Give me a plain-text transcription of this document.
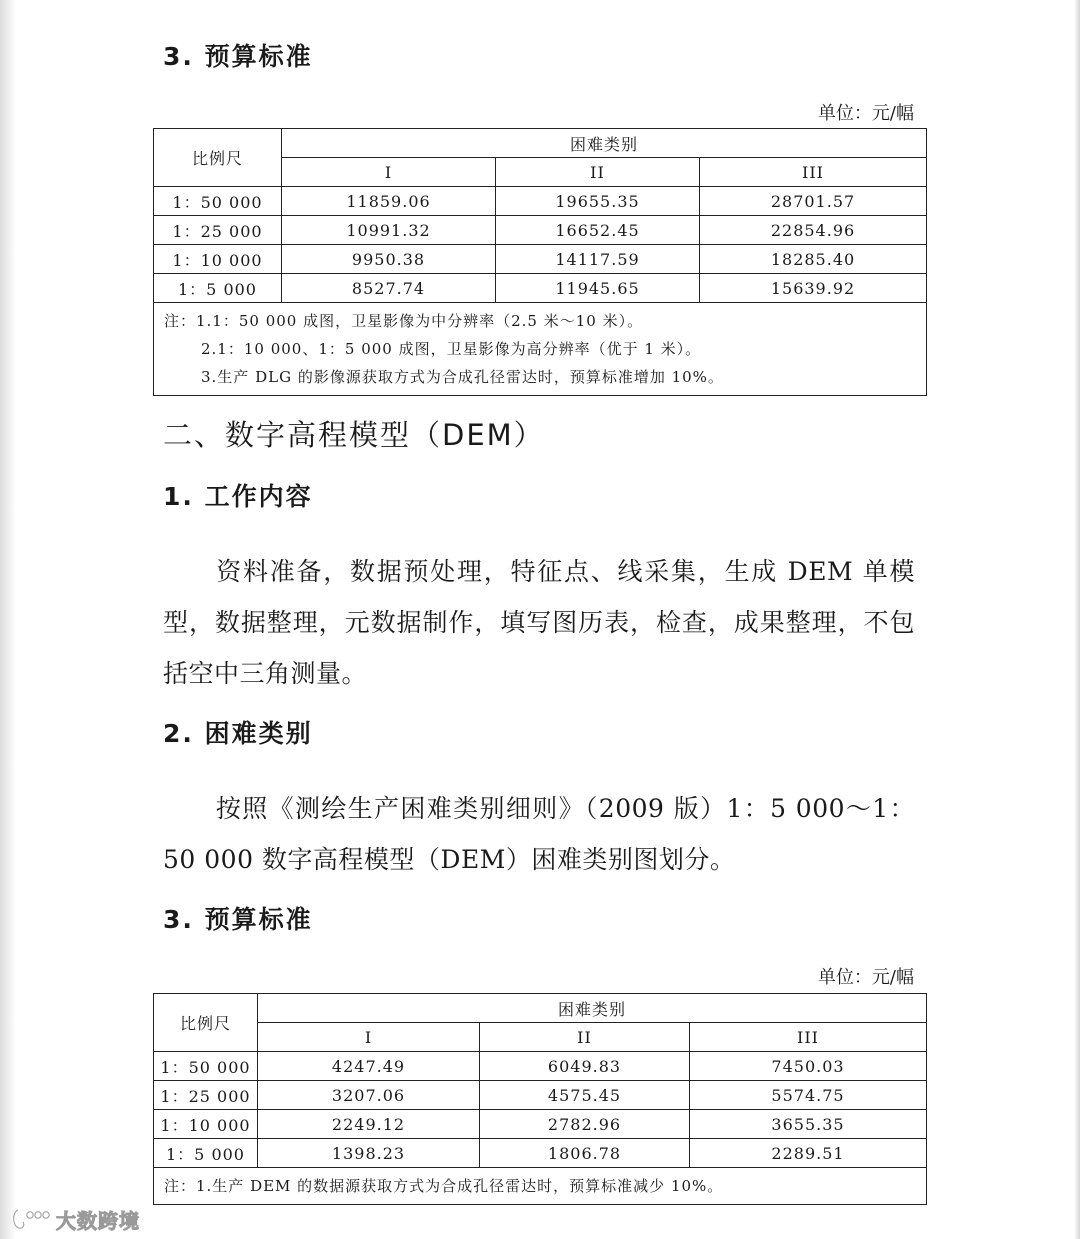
3. 预算标准
单位：元/幅
比例尺	困难类别		
	I	II	III
1：50 000	11859.06	19655.35	28701.57
1：25 000	10991.32	16652.45	22854.96
1：10 000	9950.38	14117.59	18285.40
1：5 000	8527.74	11945.65	15639.92

注：1.1：50 000 成图，卫星影像为中分辨率（2.5 米～10 米）。
2.1：10 000、1：5 000 成图，卫星影像为高分辨率（优于 1 米）。
3.生产 DLG 的影像源获取方式为合成孔径雷达时，预算标准增加 10%。			
二、数字高程模型（DEM）
1. 工作内容

资料准备，数据预处理，特征点、线采集，生成 DEM 单模型，数据整理，元数据制作，填写图历表，检查，成果整理，不包括空中三角测量。

2. 困难类别

按照《测绘生产困难类别细则》（2009 版）1：5 000～1：50 000 数字高程模型（DEM）困难类别图划分。

3. 预算标准
单位：元/幅
比例尺	困难类别		
	I	II	III
1：50 000	4247.49	6049.83	7450.03
1：25 000	3207.06	4575.45	5574.75
1：10 000	2249.12	2782.96	3655.35
1：5 000	1398.23	1806.78	2289.51

注：1.生产 DEM 的数据源获取方式为合成孔径雷达时，预算标准减少 10%。			
大数跨境
